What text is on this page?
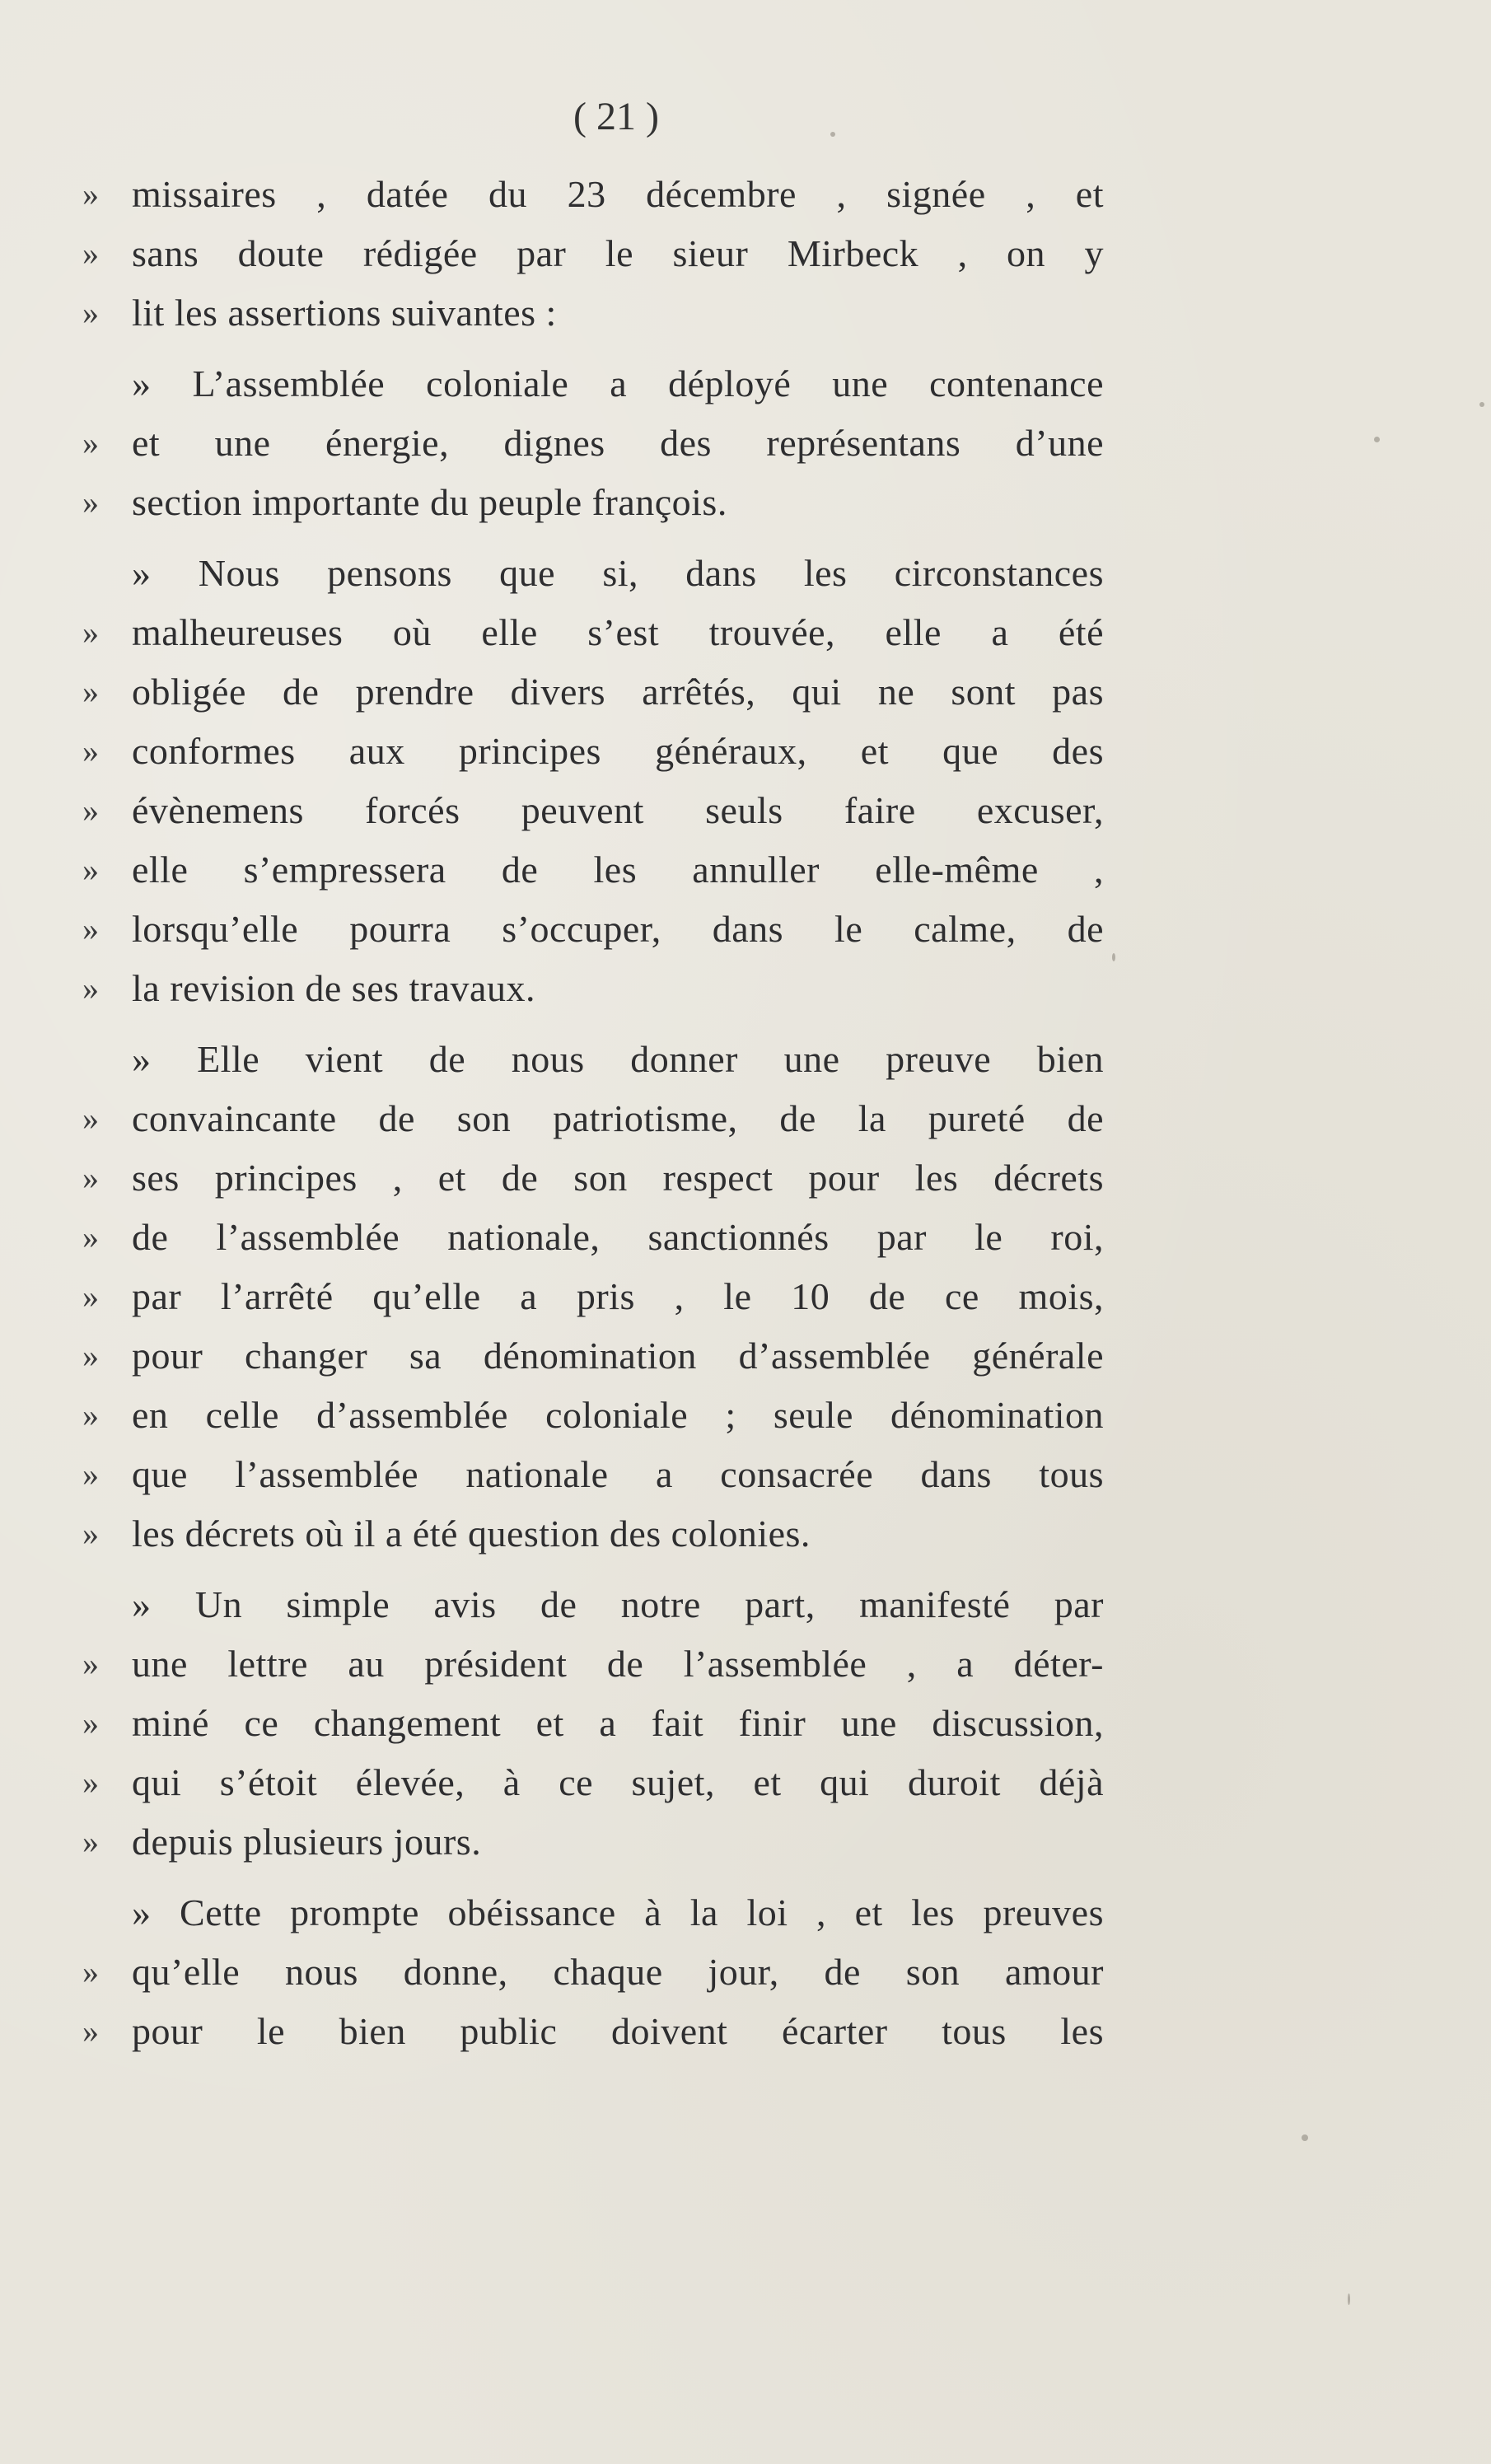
( 21 )
» missaires , datée du 23 décembre , signée , et
» sans doute rédigée par le sieur Mirbeck , on y
» lit les assertions suivantes :
» L’assemblée coloniale a déployé une contenance
» et une énergie, dignes des représentans d’une
» section importante du peuple françois.
» Nous pensons que si, dans les circonstances
» malheureuses où elle s’est trouvée, elle a été
» obligée de prendre divers arrêtés, qui ne sont pas
» conformes aux principes généraux, et que des
» évènemens forcés peuvent seuls faire excuser,
» elle s’empressera de les annuller elle-même ,
» lorsqu’elle pourra s’occuper, dans le calme, de
» la revision de ses travaux.
» Elle vient de nous donner une preuve bien
» convaincante de son patriotisme, de la pureté de
» ses principes , et de son respect pour les décrets
» de l’assemblée nationale, sanctionnés par le roi,
» par l’arrêté qu’elle a pris , le 10 de ce mois,
» pour changer sa dénomination d’assemblée générale
» en celle d’assemblée coloniale ; seule dénomination
» que l’assemblée nationale a consacrée dans tous
» les décrets où il a été question des colonies.
» Un simple avis de notre part, manifesté par
» une lettre au président de l’assemblée , a déter-
» miné ce changement et a fait finir une discussion,
» qui s’étoit élevée, à ce sujet, et qui duroit déjà
» depuis plusieurs jours.
» Cette prompte obéissance à la loi , et les preuves
» qu’elle nous donne, chaque jour, de son amour
» pour le bien public doivent écarter tous les
